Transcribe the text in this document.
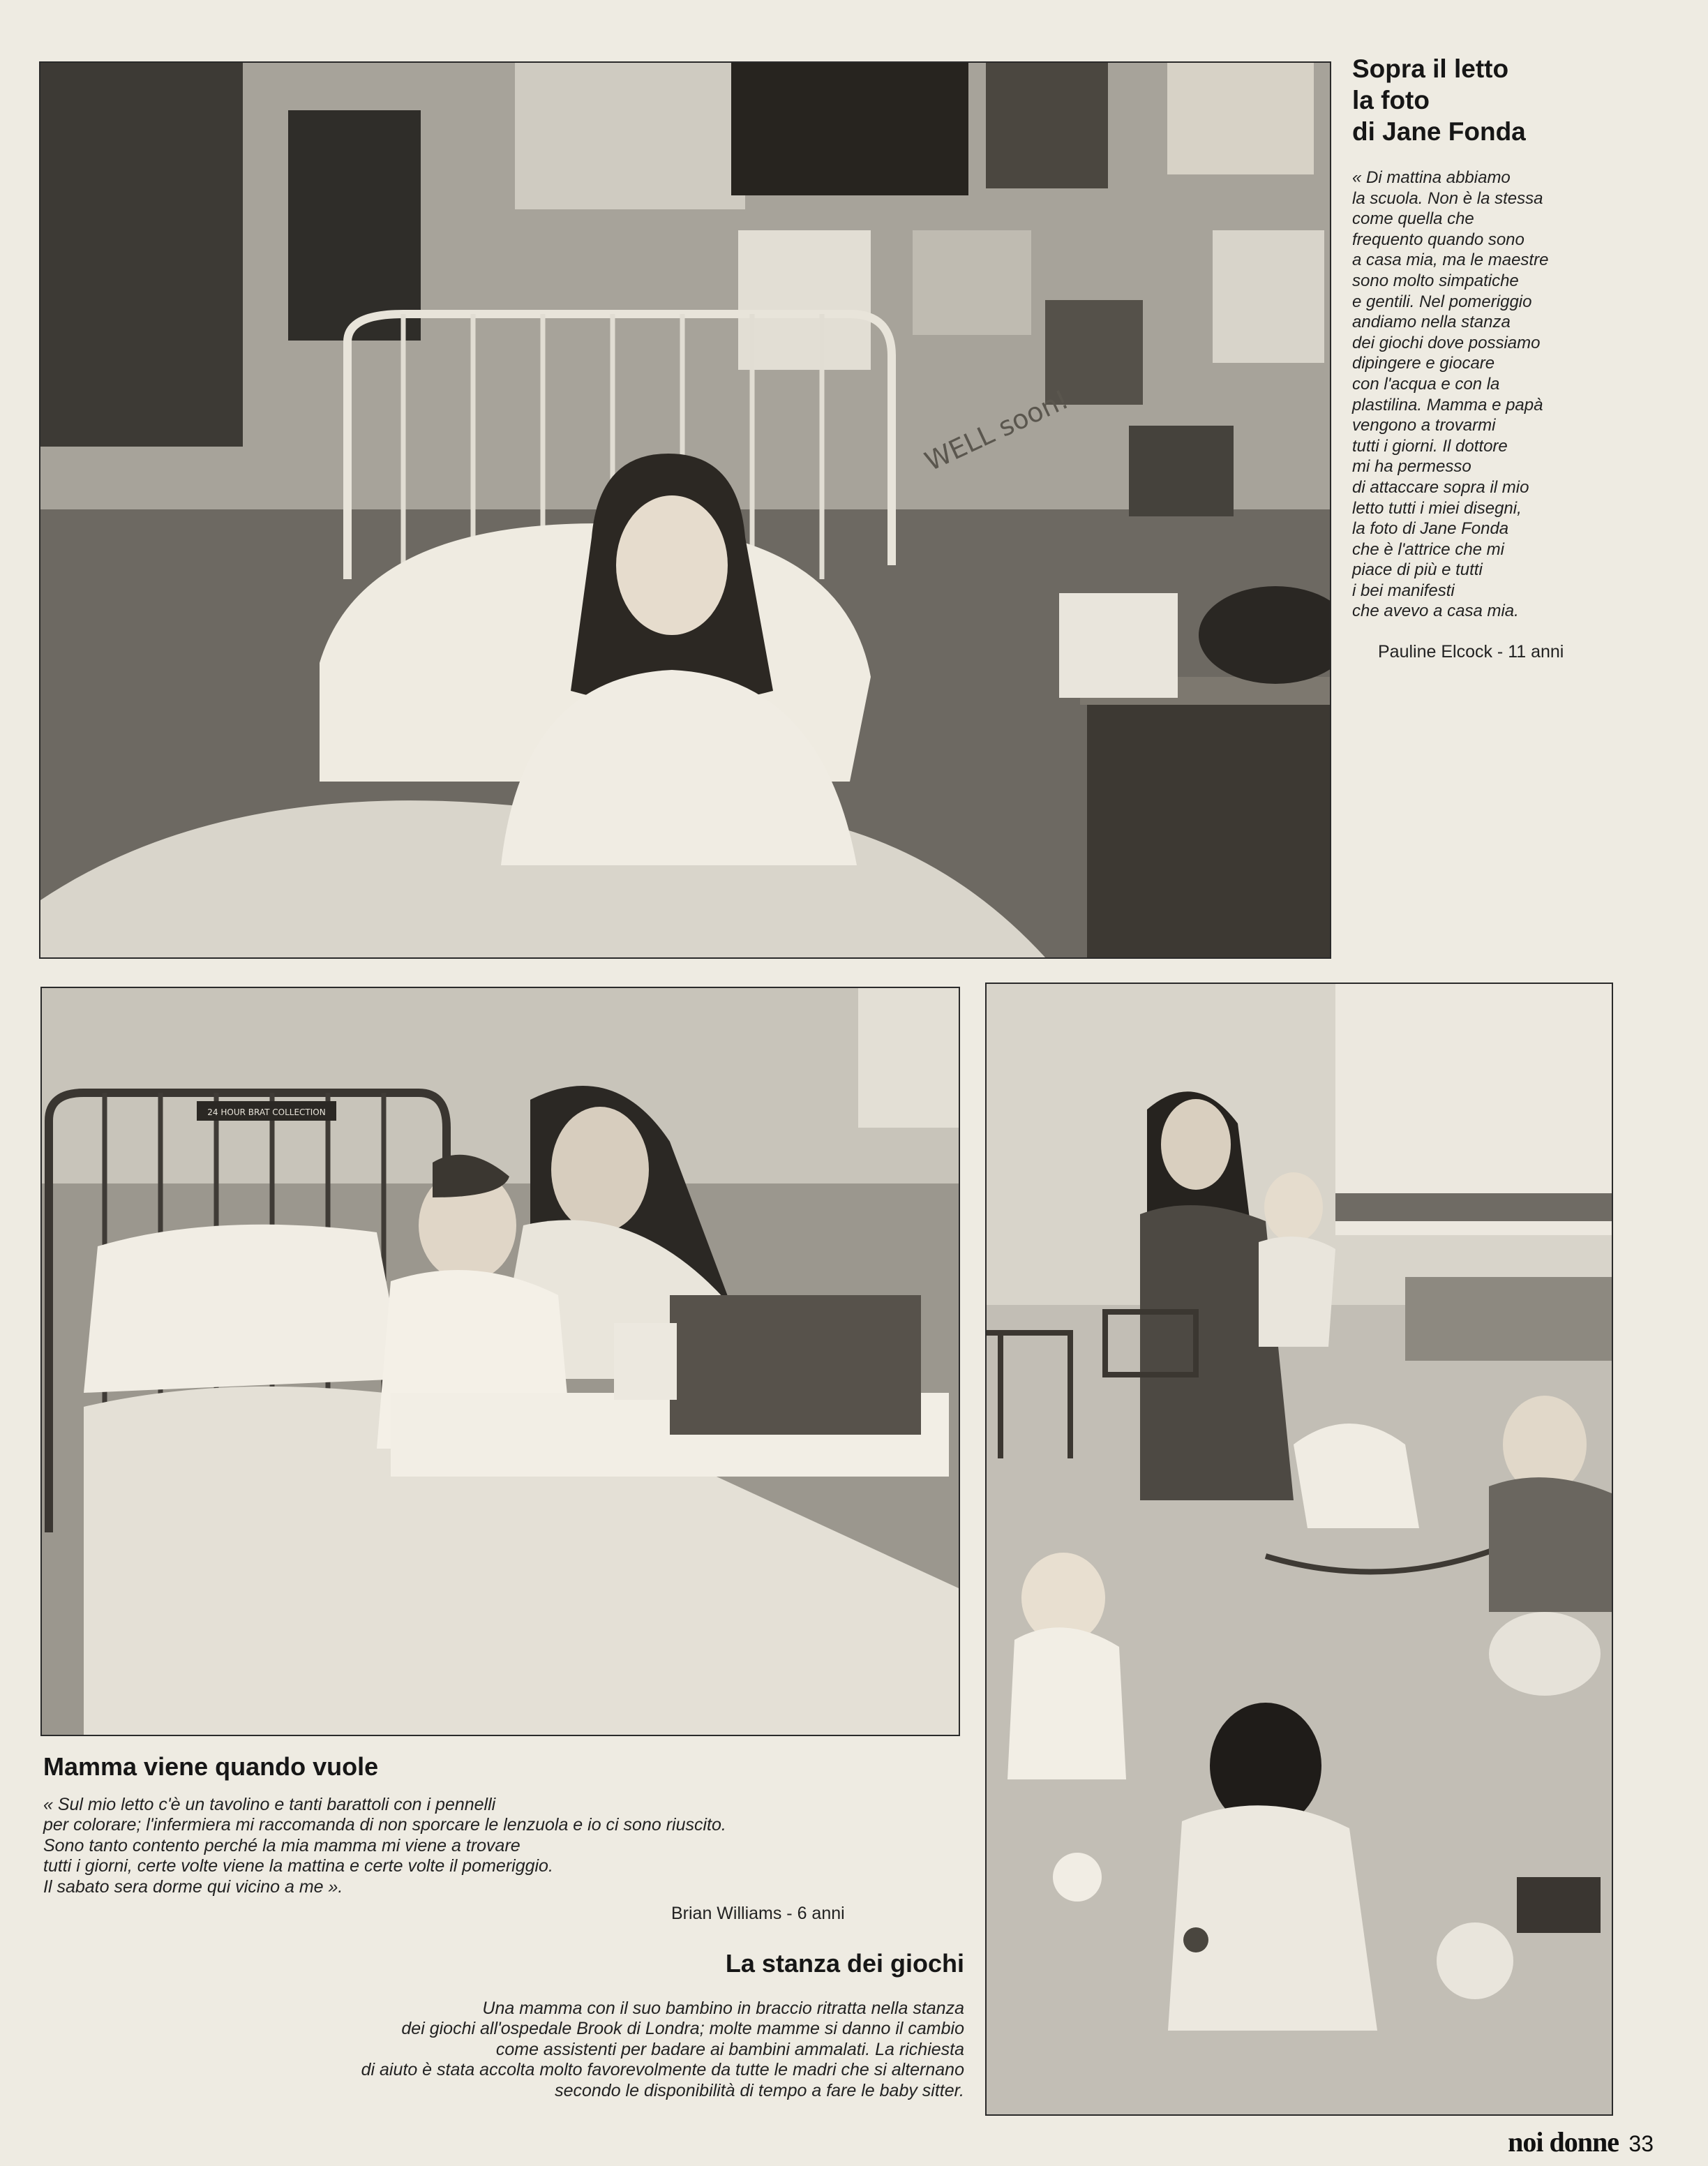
WELL soon!
Sopra il letto
la foto
di Jane Fonda

« Di mattina abbiamo
la scuola. Non è la stessa
come quella che
frequento quando sono
a casa mia, ma le maestre
sono molto simpatiche
e gentili. Nel pomeriggio
andiamo nella stanza
dei giochi dove possiamo
dipingere e giocare
con l'acqua e con la
plastilina. Mamma e papà
vengono a trovarmi
tutti i giorni. Il dottore
mi ha permesso
di attaccare sopra il mio
letto tutti i miei disegni,
la foto di Jane Fonda
che è l'attrice che mi
piace di più e tutti
i bei manifesti
che avevo a casa mia.

Pauline Elcock - 11 anni

24 HOUR BRAT COLLECTION
Mamma viene quando vuole

« Sul mio letto c'è un tavolino e tanti barattoli con i pennelli
per colorare; l'infermiera mi raccomanda di non sporcare le lenzuola e io ci sono riuscito.
Sono tanto contento perché la mia mamma mi viene a trovare
tutti i giorni, certe volte viene la mattina e certe volte il pomeriggio.
Il sabato sera dorme qui vicino a me ».

Brian Williams - 6 anni

La stanza dei giochi

Una mamma con il suo bambino in braccio ritratta nella stanza
dei giochi all'ospedale Brook di Londra; molte mamme si danno il cambio
come assistenti per badare ai bambini ammalati. La richiesta
di aiuto è stata accolta molto favorevolmente da tutte le madri che si alternano
secondo le disponibilità di tempo a fare le baby sitter.

noi donne 33
